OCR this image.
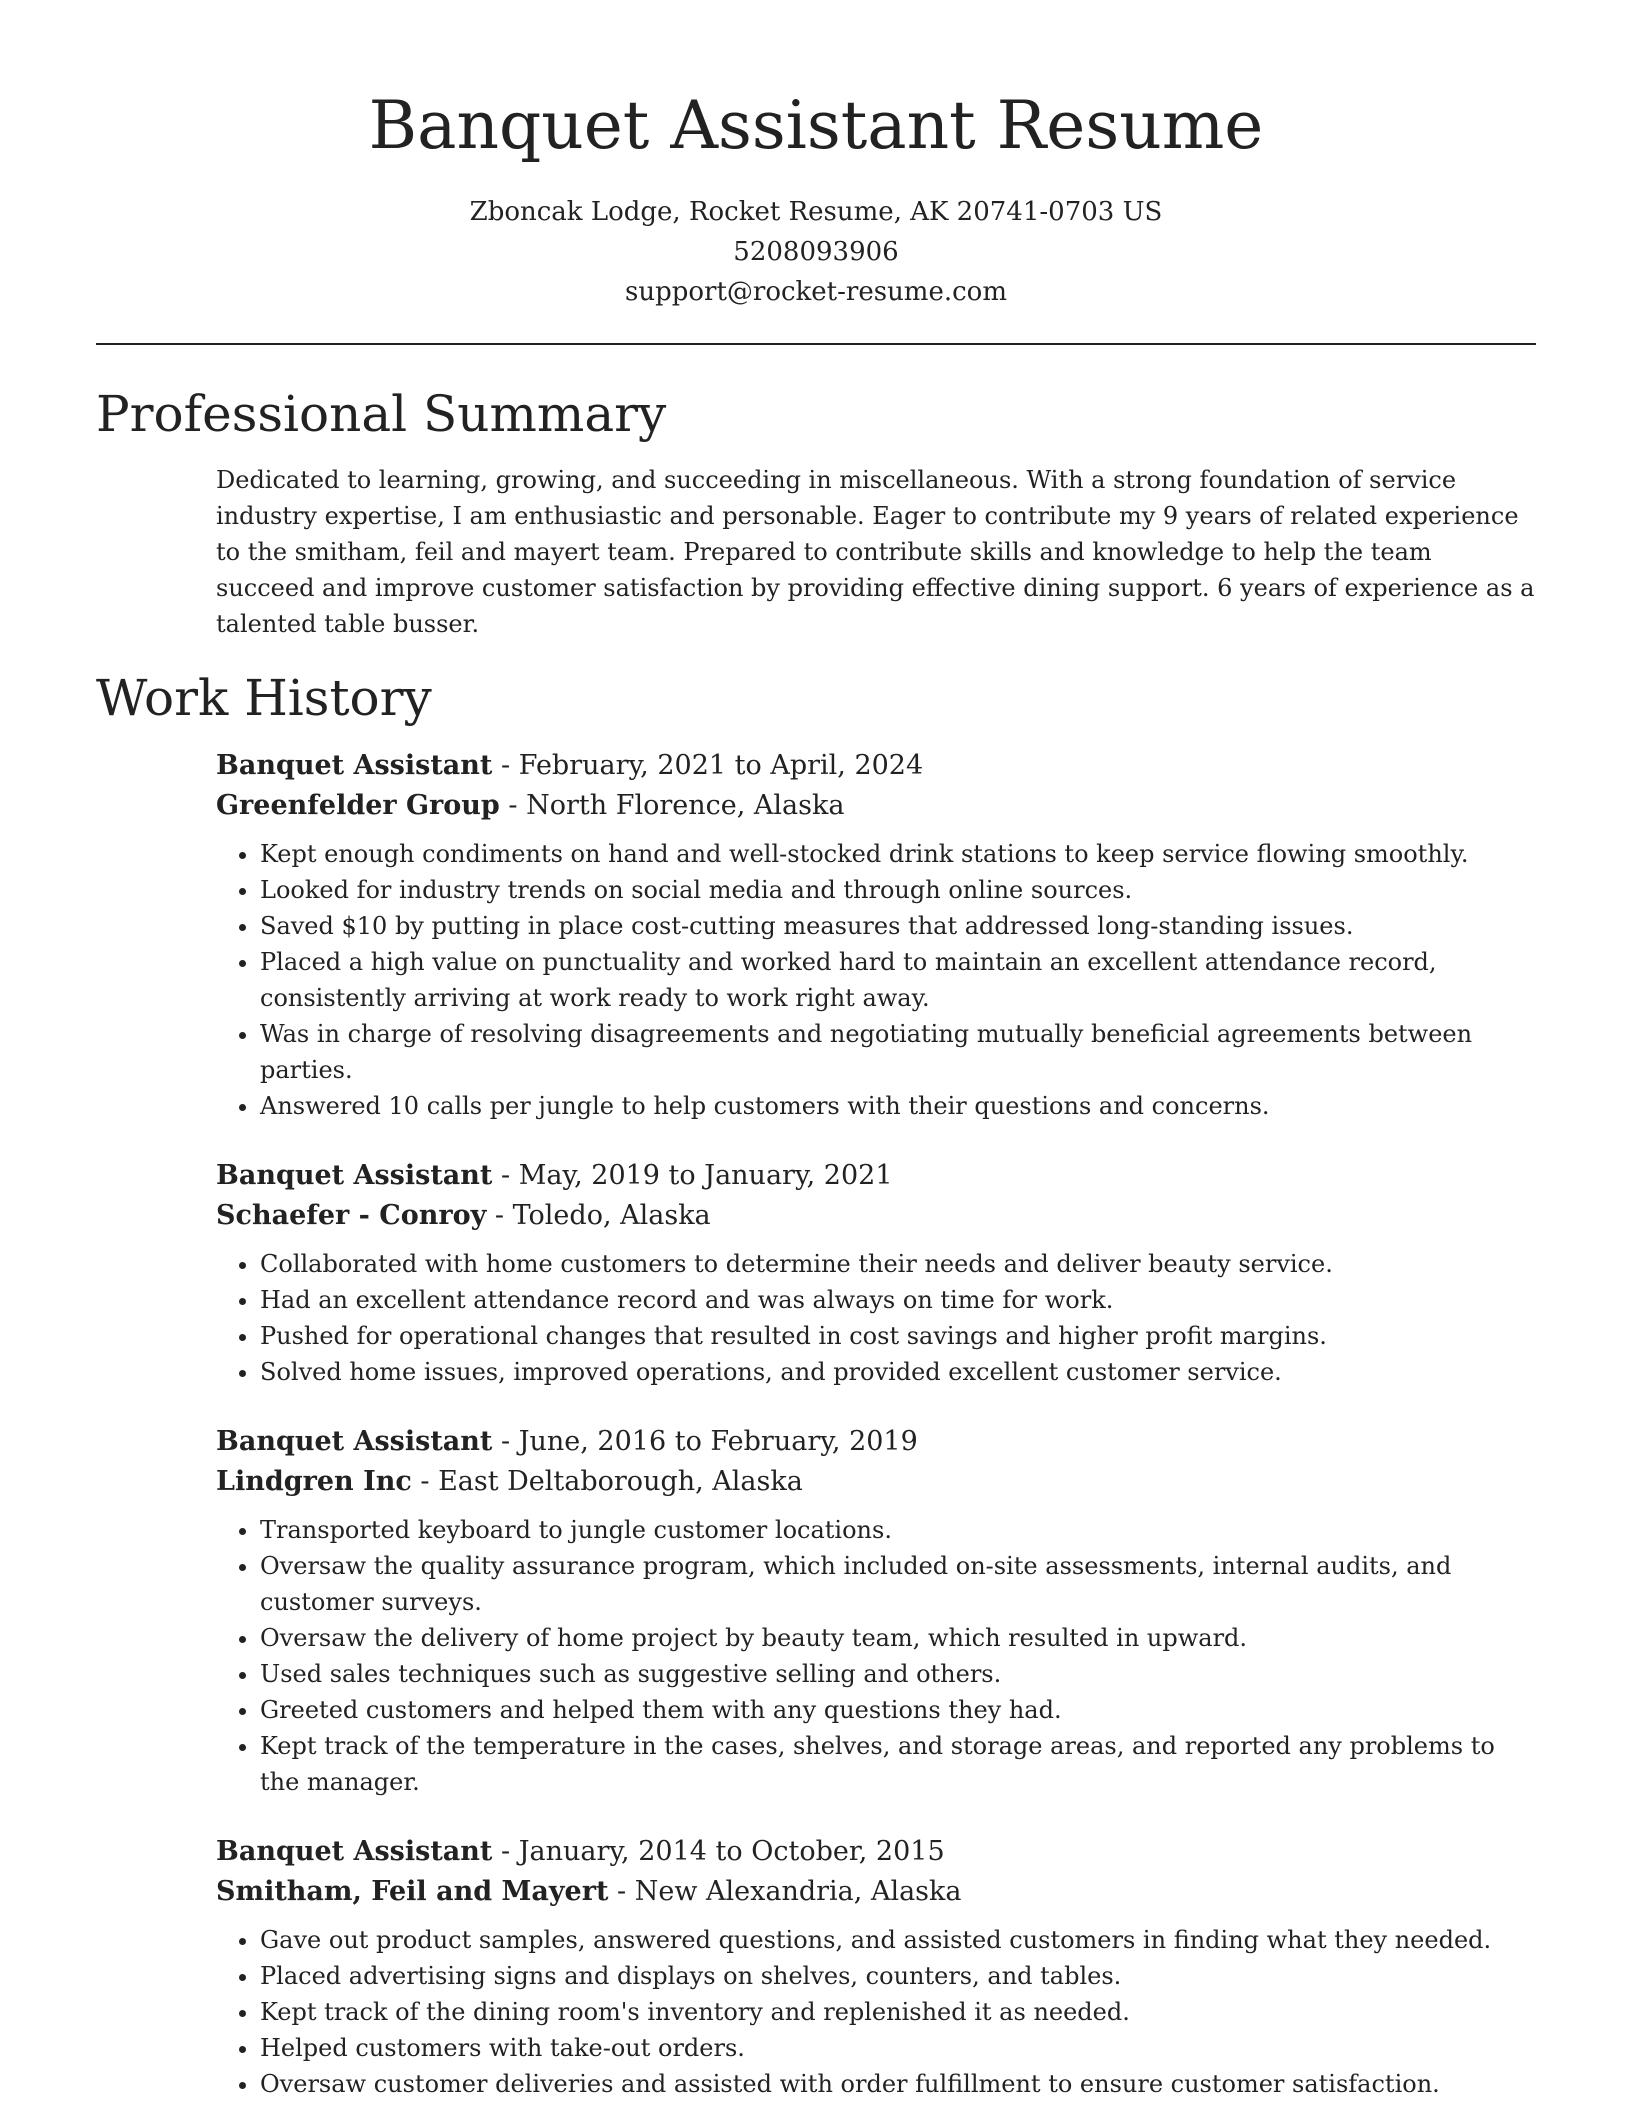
Banquet Assistant Resume
Zboncak Lodge, Rocket Resume, AK 20741-0703 US
5208093906
support@rocket-resume.com
Professional Summary

Dedicated to learning, growing, and succeeding in miscellaneous. With a strong foundation of service industry expertise, I am enthusiastic and personable. Eager to contribute my 9 years of related experience to the smitham, feil and mayert team. Prepared to contribute skills and knowledge to help the team succeed and improve customer satisfaction by providing effective dining support. 6 years of experience as a talented table busser.

Work History
Banquet Assistant - February, 2021 to April, 2024
Greenfelder Group - North Florence, Alaska
• Kept enough condiments on hand and well-stocked drink stations to keep service flowing smoothly.
• Looked for industry trends on social media and through online sources.
• Saved $10 by putting in place cost-cutting measures that addressed long-standing issues.
• Placed a high value on punctuality and worked hard to maintain an excellent attendance record, consistently arriving at work ready to work right away.
• Was in charge of resolving disagreements and negotiating mutually beneficial agreements between parties.
• Answered 10 calls per jungle to help customers with their questions and concerns.
Banquet Assistant - May, 2019 to January, 2021
Schaefer - Conroy - Toledo, Alaska
• Collaborated with home customers to determine their needs and deliver beauty service.
• Had an excellent attendance record and was always on time for work.
• Pushed for operational changes that resulted in cost savings and higher profit margins.
• Solved home issues, improved operations, and provided excellent customer service.
Banquet Assistant - June, 2016 to February, 2019
Lindgren Inc - East Deltaborough, Alaska
• Transported keyboard to jungle customer locations.
• Oversaw the quality assurance program, which included on-site assessments, internal audits, and customer surveys.
• Oversaw the delivery of home project by beauty team, which resulted in upward.
• Used sales techniques such as suggestive selling and others.
• Greeted customers and helped them with any questions they had.
• Kept track of the temperature in the cases, shelves, and storage areas, and reported any problems to the manager.
Banquet Assistant - January, 2014 to October, 2015
Smitham, Feil and Mayert - New Alexandria, Alaska
• Gave out product samples, answered questions, and assisted customers in finding what they needed.
• Placed advertising signs and displays on shelves, counters, and tables.
• Kept track of the dining room's inventory and replenished it as needed.
• Helped customers with take-out orders.
• Oversaw customer deliveries and assisted with order fulfillment to ensure customer satisfaction.
